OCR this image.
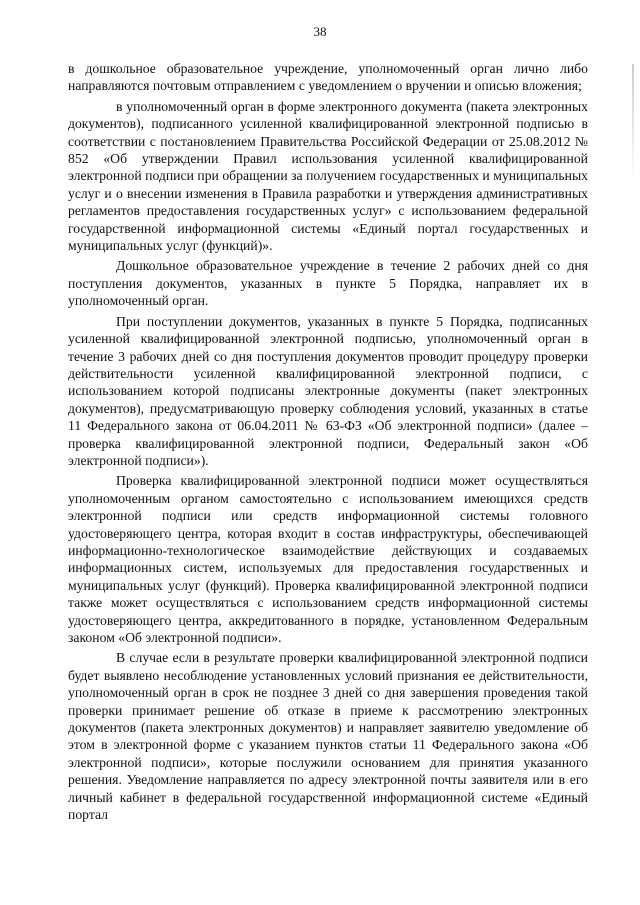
38

в дошкольное образовательное учреждение, уполномоченный орган лично либо направляются почтовым отправлением с уведомлением о вручении и описью вложения;

в уполномоченный орган в форме электронного документа (пакета электронных документов), подписанного усиленной квалифицированной электронной подписью в соответствии с постановлением Правительства Российской Федерации от 25.08.2012 № 852 «Об утверждении Правил использования усиленной квалифицированной электронной подписи при обращении за получением государственных и муниципальных услуг и о внесении изменения в Правила разработки и утверждения административных регламентов предоставления государственных услуг» с использованием федеральной государственной информационной системы «Единый портал государственных и муниципальных услуг (функций)».

Дошкольное образовательное учреждение в течение 2 рабочих дней со дня поступления документов, указанных в пункте 5 Порядка, направляет их в уполномоченный орган.

При поступлении документов, указанных в пункте 5 Порядка, подписанных усиленной квалифицированной электронной подписью, уполномоченный орган в течение 3 рабочих дней со дня поступления документов проводит процедуру проверки действительности усиленной квалифицированной электронной подписи, с использованием которой подписаны электронные документы (пакет электронных документов), предусматривающую проверку соблюдения условий, указанных в статье 11 Федерального закона от 06.04.2011 № 63-ФЗ «Об электронной подписи» (далее – проверка квалифицированной электронной подписи, Федеральный закон «Об электронной подписи»).

Проверка квалифицированной электронной подписи может осуществляться уполномоченным органом самостоятельно с использованием имеющихся средств электронной подписи или средств информационной системы головного удостоверяющего центра, которая входит в состав инфраструктуры, обеспечивающей информационно-технологическое взаимодействие действующих и создаваемых информационных систем, используемых для предоставления государственных и муниципальных услуг (функций). Проверка квалифицированной электронной подписи также может осуществляться с использованием средств информационной системы удостоверяющего центра, аккредитованного в порядке, установленном Федеральным законом «Об электронной подписи».

В случае если в результате проверки квалифицированной электронной подписи будет выявлено несоблюдение установленных условий признания ее действительности, уполномоченный орган в срок не позднее 3 дней со дня завершения проведения такой проверки принимает решение об отказе в приеме к рассмотрению электронных документов (пакета электронных документов) и направляет заявителю уведомление об этом в электронной форме с указанием пунктов статьи 11 Федерального закона «Об электронной подписи», которые послужили основанием для принятия указанного решения. Уведомление направляется по адресу электронной почты заявителя или в его личный кабинет в федеральной государственной информационной системе «Единый портал
